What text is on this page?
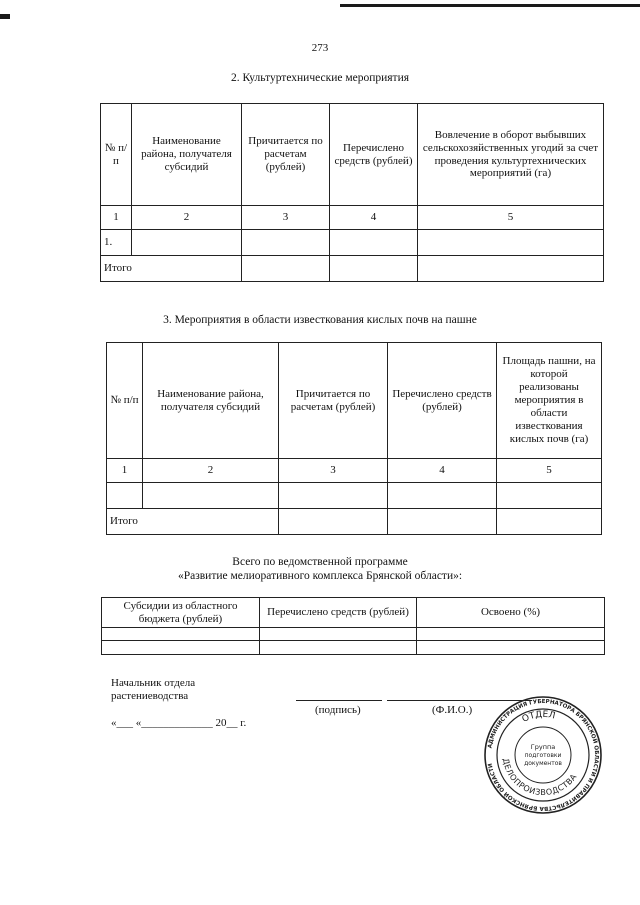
273
2. Культуртехнические мероприятия
№ п/п	Наименование района, получателя субсидий	Причитается по расчетам (рублей)	Перечислено средств (рублей)	Вовлечение в оборот выбывших сельскохозяйственных угодий за счет проведения культуртехнических мероприятий (га)
1	2	3	4	5
1.				
Итого				
3. Мероприятия в области известкования кислых почв на пашне
№ п/п	Наименование района, получателя субсидий	Причитается по расчетам (рублей)	Перечислено средств (рублей)	Площадь пашни, на которой реализованы мероприятия в области известкования кислых почв (га)
1	2	3	4	5

Итого				
Всего по ведомственной программе
«Развитие мелиоративного комплекса Брянской области»:
Субсидии из областного бюджета (рублей)	Перечислено средств (рублей)	Освоено (%)

Начальник отдела
растениеводства
(подпись)	(Ф.И.О.)
«___ «_____________ 20__ г.
АДМИНИСТРАЦИЯ ГУБЕРНАТОРА БРЯНСКОЙ ОБЛАСТИ И ПРАВИТЕЛЬСТВА БРЯНСКОЙ ОБЛАСТИ
ОТДЕЛ
ДЕЛОПРОИЗВОДСТВА
Группа
подготовки
документов
